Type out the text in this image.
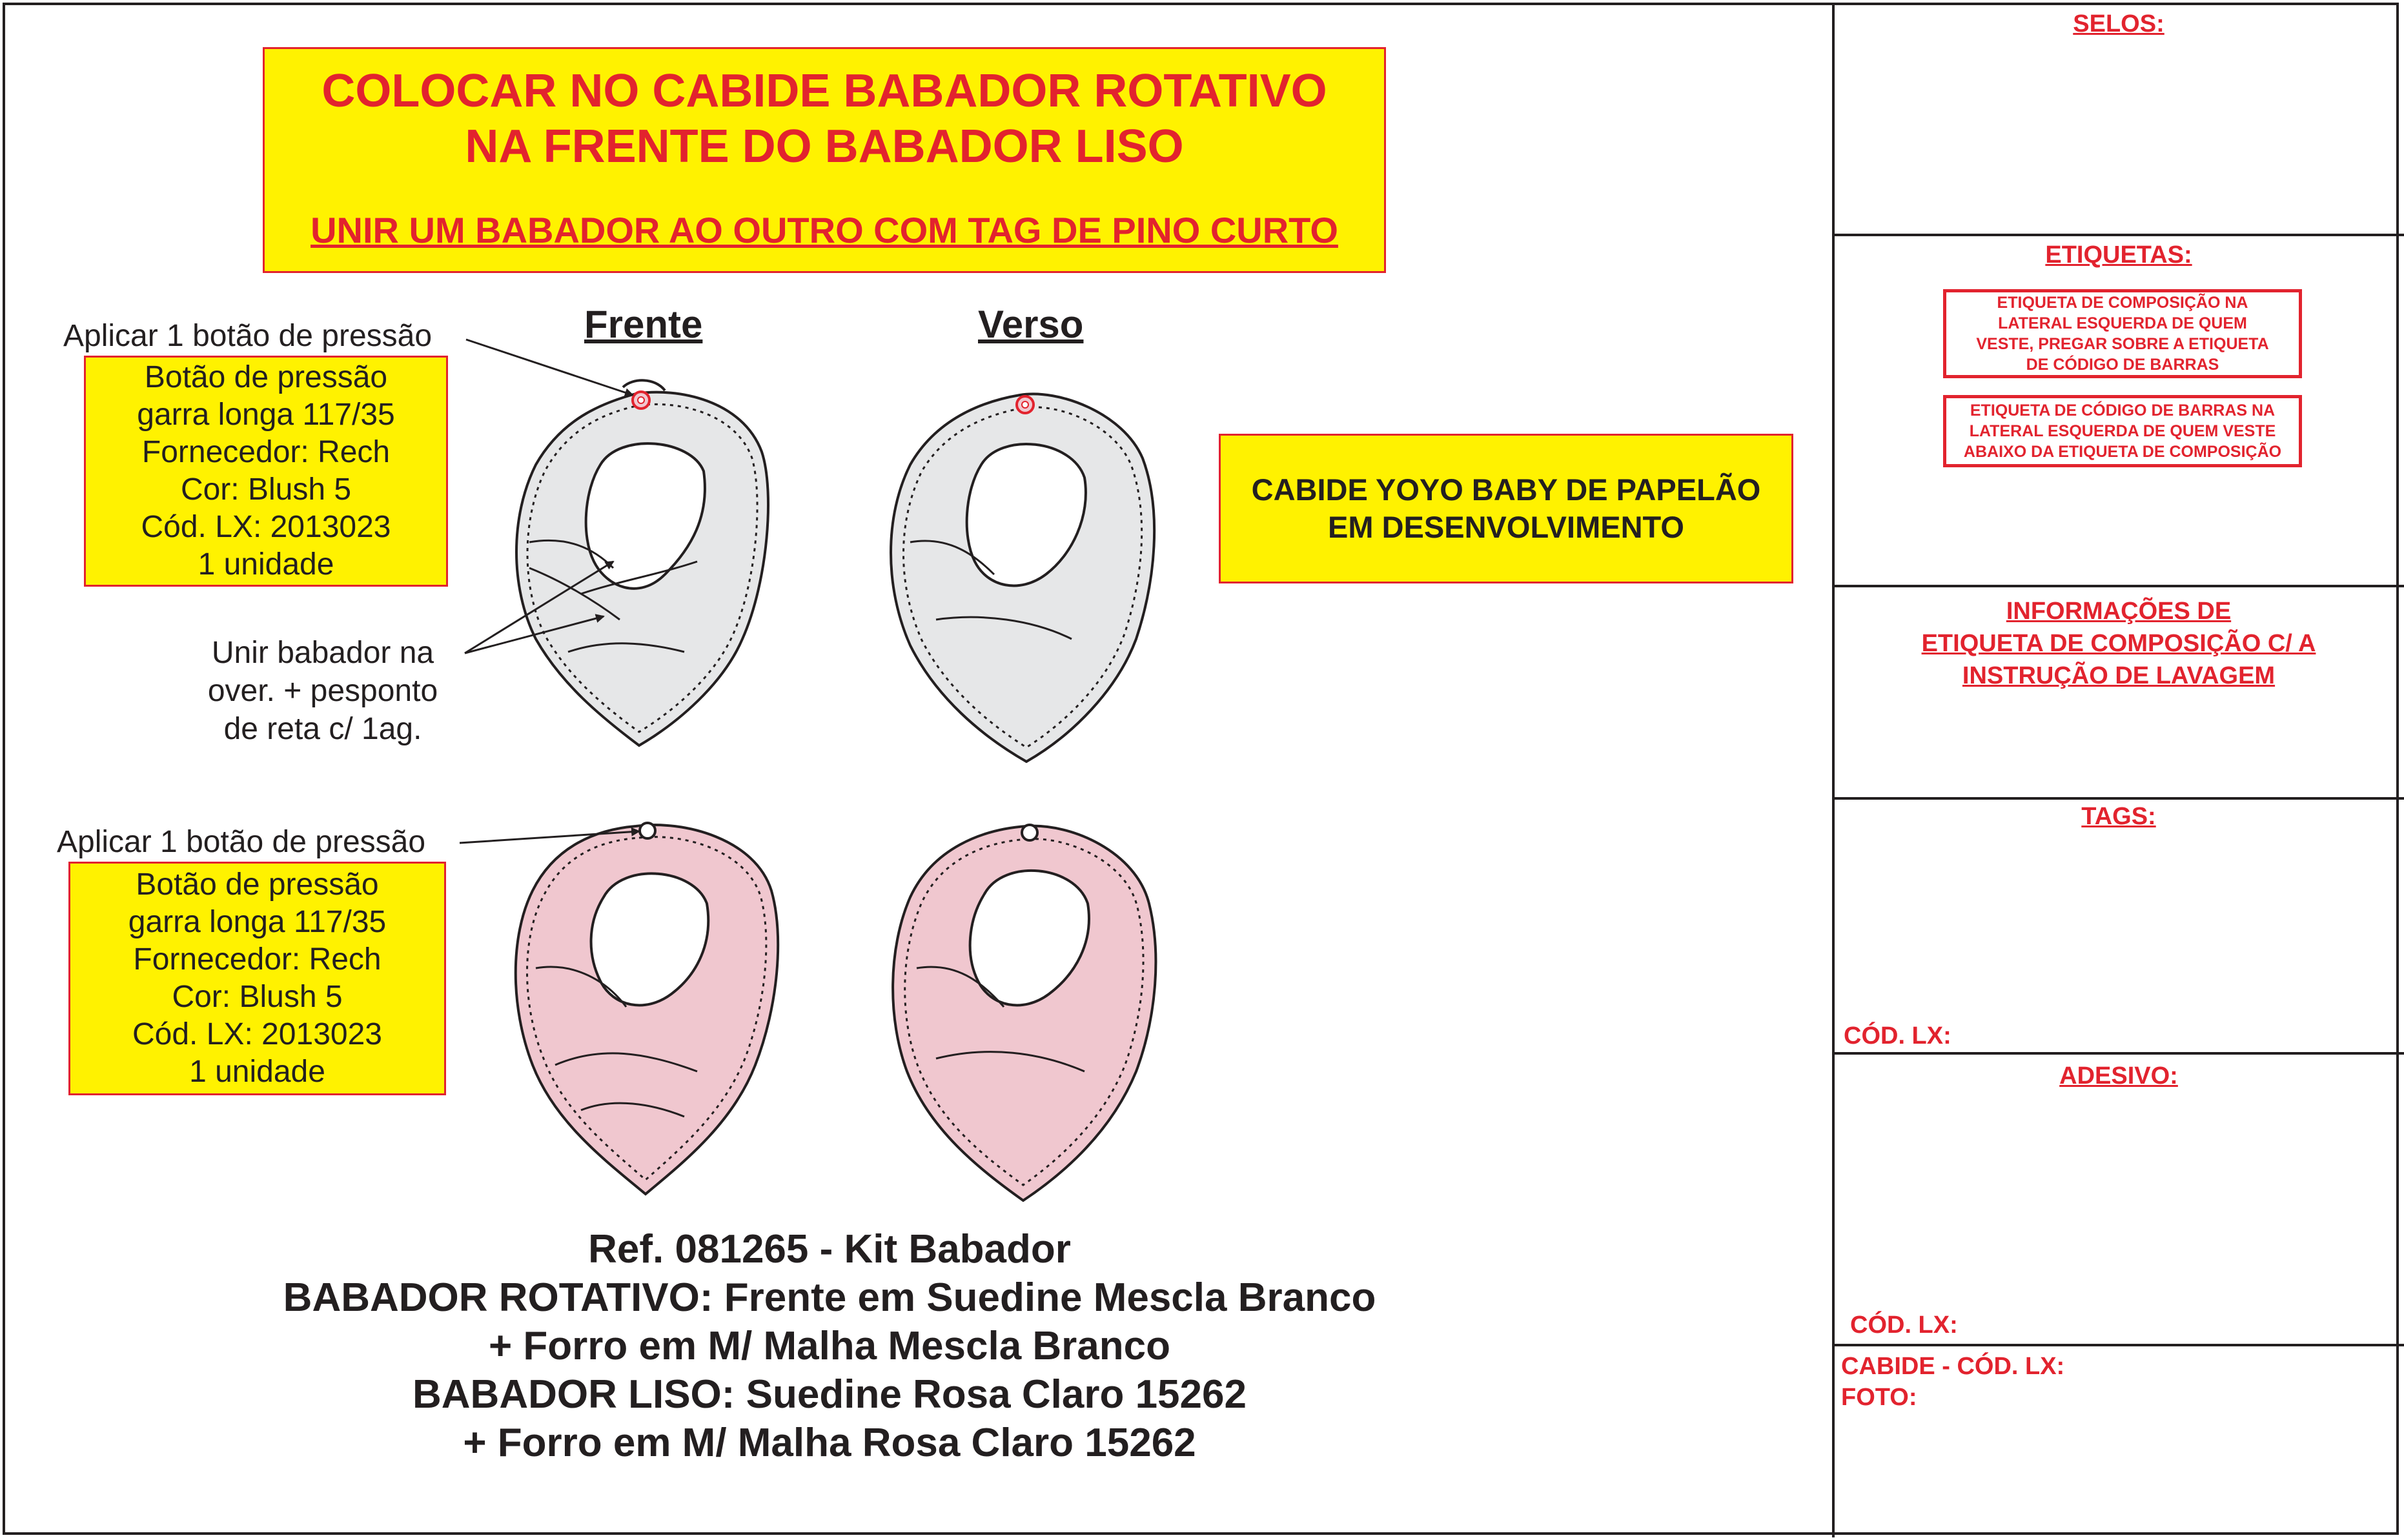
COLOCAR NO CABIDE BABADOR ROTATIVO
NA FRENTE DO BABADOR LISO
UNIR UM BABADOR AO OUTRO COM TAG DE PINO CURTO
Frente	Verso
Aplicar 1 botão de pressão
Botão de pressão
garra longa 117/35
Fornecedor: Rech
Cor: Blush 5
Cód. LX: 2013023
1 unidade
Unir babador na
over. + pesponto
de reta c/ 1ag.
Aplicar 1 botão de pressão
Botão de pressão
garra longa 117/35
Fornecedor: Rech
Cor: Blush 5
Cód. LX: 2013023
1 unidade
CABIDE YOYO BABY DE PAPELÃO
EM DESENVOLVIMENTO
Ref. 081265 - Kit Babador
BABADOR ROTATIVO: Frente em Suedine Mescla Branco
+ Forro em M/ Malha Mescla Branco
BABADOR LISO: Suedine Rosa Claro 15262
+ Forro em M/ Malha Rosa Claro 15262
SELOS:
ETIQUETAS:
ETIQUETA DE COMPOSIÇÃO NA
LATERAL ESQUERDA DE QUEM
VESTE, PREGAR SOBRE A ETIQUETA
DE CÓDIGO DE BARRAS
ETIQUETA DE CÓDIGO DE BARRAS NA
LATERAL ESQUERDA DE QUEM VESTE
ABAIXO DA ETIQUETA DE COMPOSIÇÃO
INFORMAÇÕES DE
ETIQUETA DE COMPOSIÇÃO C/ A
INSTRUÇÃO DE LAVAGEM
TAGS:
CÓD. LX:
ADESIVO:
CÓD. LX:
CABIDE - CÓD. LX:
FOTO:
